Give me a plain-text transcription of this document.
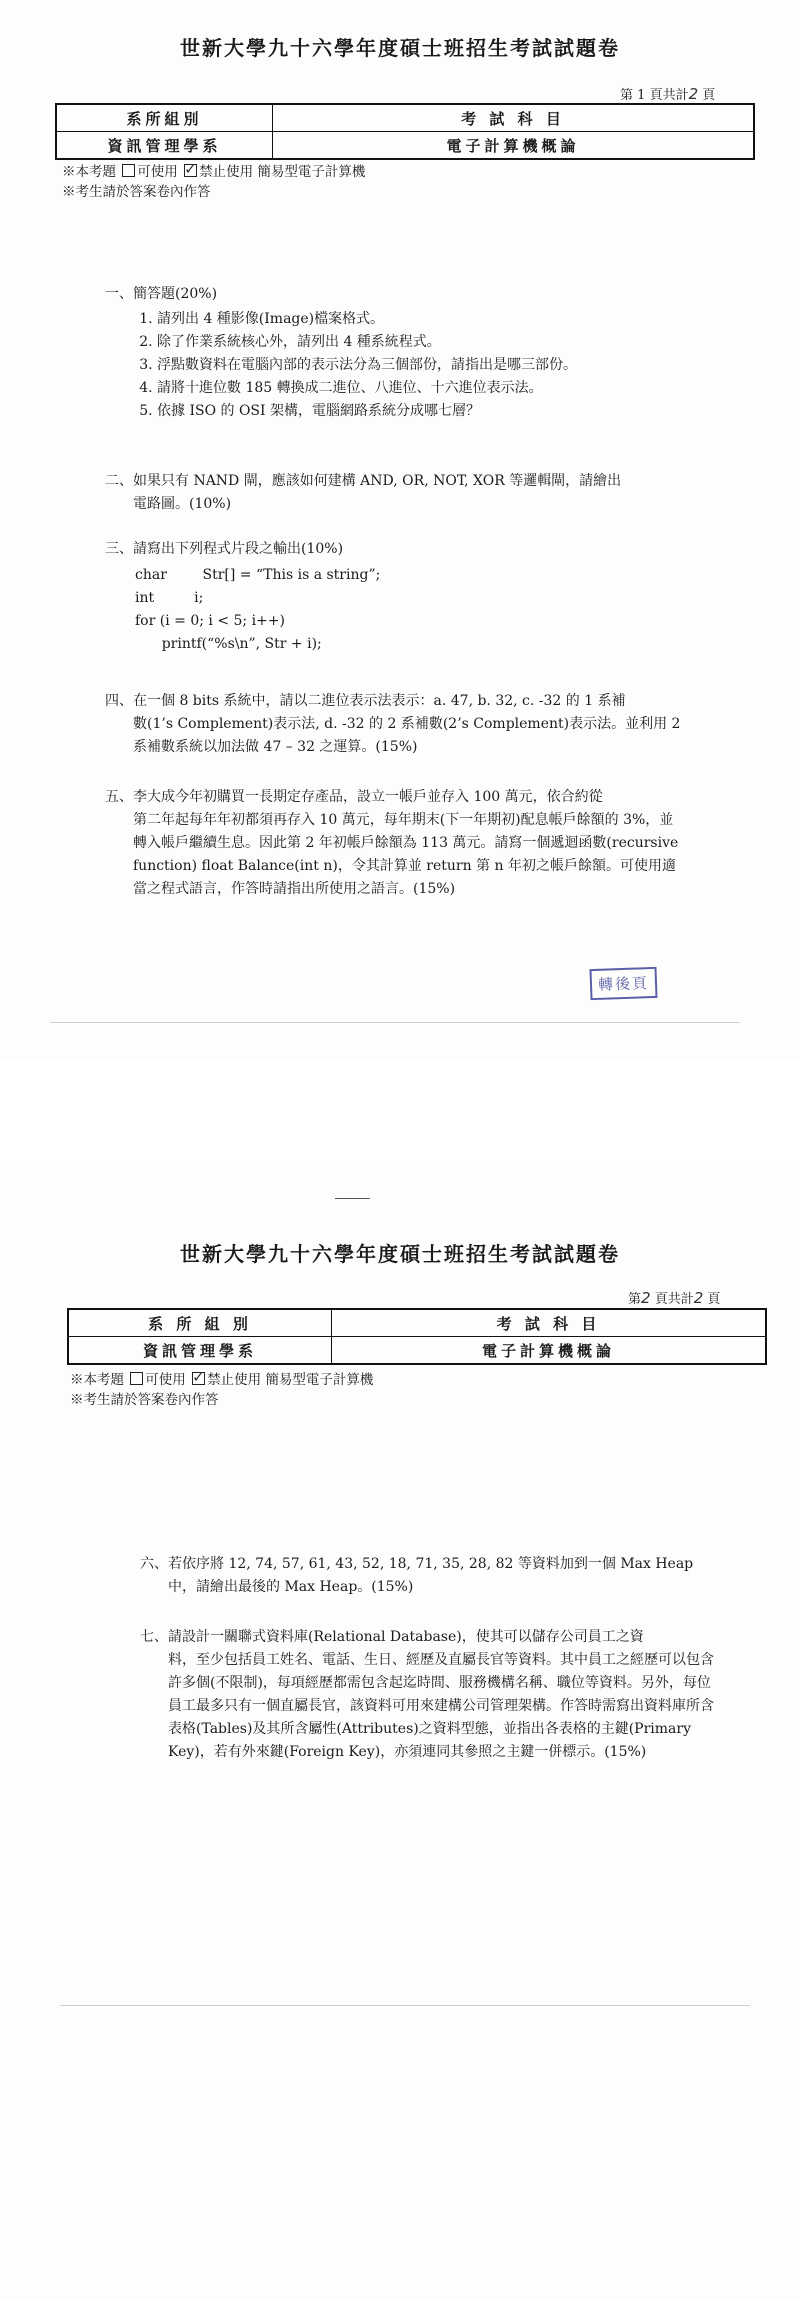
世新大學九十六學年度碩士班招生考試試題卷
第 1 頁共計2 頁
系所組別	考 試 科 目
資訊管理學系	電子計算機概論
※本考題 可使用 ✓ 禁止使用 簡易型電子計算機
※考生請於答案卷內作答
一、簡答題(20%)
1. 請列出 4 種影像(Image)檔案格式。
2. 除了作業系統核心外，請列出 4 種系統程式。
3. 浮點數資料在電腦內部的表示法分為三個部份，請指出是哪三部份。
4. 請將十進位數 185 轉換成二進位、八進位、十六進位表示法。
5. 依據 ISO 的 OSI 架構，電腦網路系統分成哪七層？
二、如果只有 NAND 閘，應該如何建構 AND, OR, NOT, XOR 等邏輯閘，請繪出
電路圖。(10%)
三、請寫出下列程式片段之輸出(10%)
char        Str[] = “This is a string”;
int         i;
for (i = 0; i < 5; i++)
printf(“%s\n”, Str + i);
四、在一個 8 bits 系統中，請以二進位表示法表示：a. 47, b. 32, c. -32 的 1 系補
數(1’s Complement)表示法, d. -32 的 2 系補數(2’s Complement)表示法。並利用 2 系補數系統以加法做 47 – 32 之運算。(15%)
五、李大成今年初購買一長期定存產品，設立一帳戶並存入 100 萬元，依合約從
第二年起每年年初都須再存入 10 萬元，每年期末(下一年期初)配息帳戶餘額的 3%，並轉入帳戶繼續生息。因此第 2 年初帳戶餘額為 113 萬元。請寫一個遞迴函數(recursive function) float Balance(int n)，令其計算並 return 第 n 年初之帳戶餘額。可使用適當之程式語言，作答時請指出所使用之語言。(15%)
轉後頁
世新大學九十六學年度碩士班招生考試試題卷
第2 頁共計2 頁
系 所 組 別	考 試 科 目
資訊管理學系	電子計算機概論
※本考題 可使用 ✓ 禁止使用 簡易型電子計算機
※考生請於答案卷內作答
六、若依序將 12, 74, 57, 61, 43, 52, 18, 71, 35, 28, 82 等資料加到一個 Max Heap
中，請繪出最後的 Max Heap。(15%)
七、請設計一關聯式資料庫(Relational Database)，使其可以儲存公司員工之資
料，至少包括員工姓名、電話、生日、經歷及直屬長官等資料。其中員工之經歷可以包含許多個(不限制)，每項經歷都需包含起迄時間、服務機構名稱、職位等資料。另外，每位員工最多只有一個直屬長官，該資料可用來建構公司管理架構。作答時需寫出資料庫所含表格(Tables)及其所含屬性(Attributes)之資料型態，並指出各表格的主鍵(Primary Key)，若有外來鍵(Foreign Key)，亦須連同其參照之主鍵一併標示。(15%)
